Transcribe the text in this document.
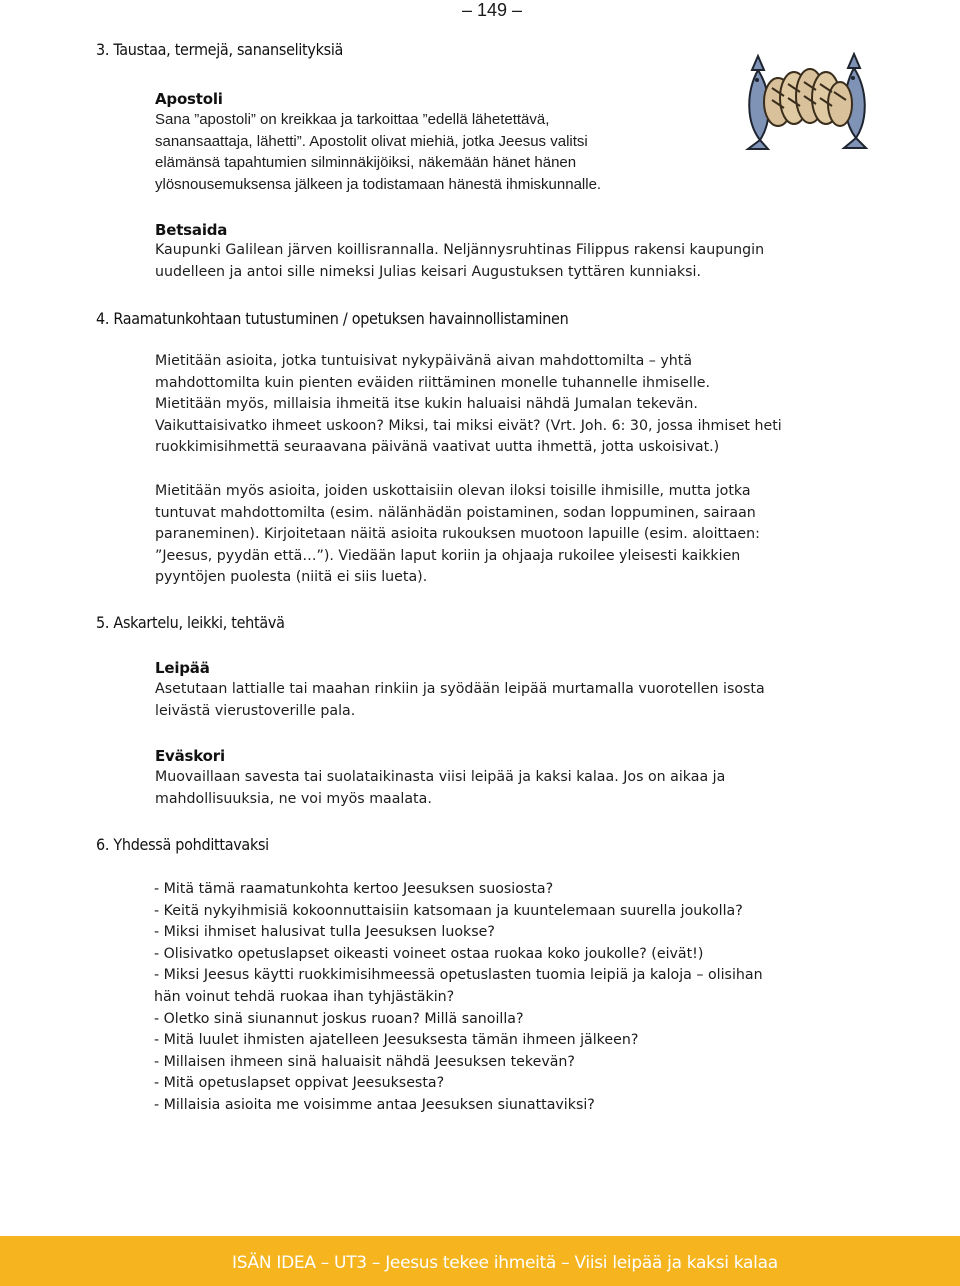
– 149 –
3. Taustaa, termejä, sananselityksiä
Apostoli
Sana ”apostoli” on kreikkaa ja tarkoittaa ”edellä lähetettävä,
sanansaattaja, lähetti”. Apostolit olivat miehiä, jotka Jeesus valitsi
elämänsä tapahtumien silminnäkijöiksi, näkemään hänet hänen
ylösnousemuksensa jälkeen ja todistamaan hänestä ihmiskunnalle.
Betsaida
Kaupunki Galilean järven koillisrannalla. Neljännysruhtinas Filippus rakensi kaupungin
uudelleen ja antoi sille nimeksi Julias keisari Augustuksen tyttären kunniaksi.
4. Raamatunkohtaan tutustuminen / opetuksen havainnollistaminen
Mietitään asioita, jotka tuntuisivat nykypäivänä aivan mahdottomilta – yhtä
mahdottomilta kuin pienten eväiden riittäminen monelle tuhannelle ihmiselle.
Mietitään myös, millaisia ihmeitä itse kukin haluaisi nähdä Jumalan tekevän.
Vaikuttaisivatko ihmeet uskoon? Miksi, tai miksi eivät? (Vrt. Joh. 6: 30, jossa ihmiset heti
ruokkimisihmettä seuraavana päivänä vaativat uutta ihmettä, jotta uskoisivat.)
Mietitään myös asioita, joiden uskottaisiin olevan iloksi toisille ihmisille, mutta jotka
tuntuvat mahdottomilta (esim. nälänhädän poistaminen, sodan loppuminen, sairaan
paraneminen). Kirjoitetaan näitä asioita rukouksen muotoon lapuille (esim. aloittaen:
”Jeesus, pyydän että…”). Viedään laput koriin ja ohjaaja rukoilee yleisesti kaikkien
pyyntöjen puolesta (niitä ei siis lueta).
5. Askartelu, leikki, tehtävä
Leipää
Asetutaan lattialle tai maahan rinkiin ja syödään leipää murtamalla vuorotellen isosta
leivästä vierustoverille pala.
Eväskori
Muovaillaan savesta tai suolataikinasta viisi leipää ja kaksi kalaa. Jos on aikaa ja
mahdollisuuksia, ne voi myös maalata.
6. Yhdessä pohdittavaksi
- Mitä tämä raamatunkohta kertoo Jeesuksen suosiosta?
- Keitä nykyihmisiä kokoonnuttaisiin katsomaan ja kuuntelemaan suurella joukolla?
- Miksi ihmiset halusivat tulla Jeesuksen luokse?
- Olisivatko opetuslapset oikeasti voineet ostaa ruokaa koko joukolle? (eivät!)
- Miksi Jeesus käytti ruokkimisihmeessä opetuslasten tuomia leipiä ja kaloja – olisihan
hän voinut tehdä ruokaa ihan tyhjästäkin?
- Oletko sinä siunannut joskus ruoan? Millä sanoilla?
- Mitä luulet ihmisten ajatelleen Jeesuksesta tämän ihmeen jälkeen?
- Millaisen ihmeen sinä haluaisit nähdä Jeesuksen tekevän?
- Mitä opetuslapset oppivat Jeesuksesta?
- Millaisia asioita me voisimme antaa Jeesuksen siunattaviksi?
ISÄN IDEA – UT3 – Jeesus tekee ihmeitä – Viisi leipää ja kaksi kalaa
